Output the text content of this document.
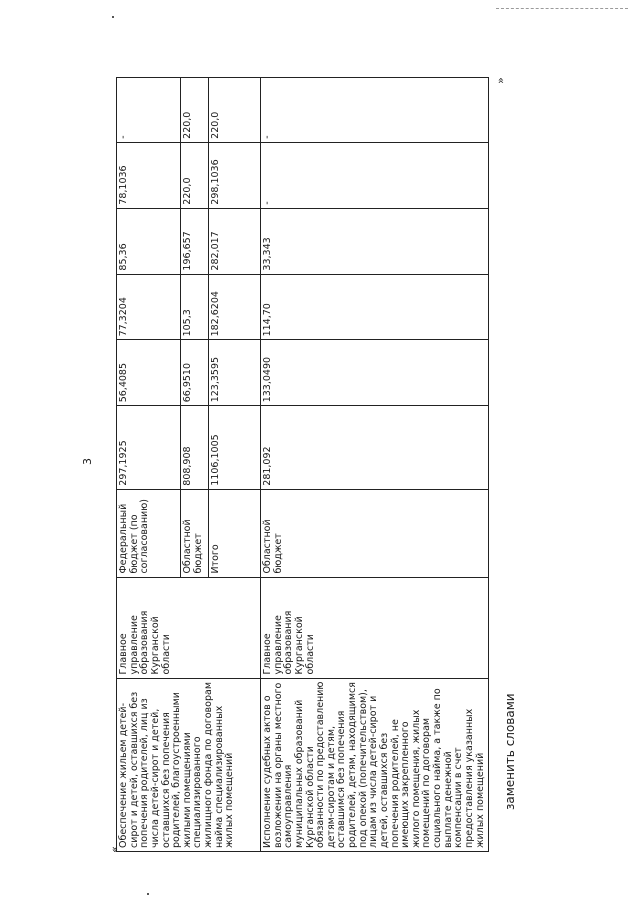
3
«
»
заменить словами
Обеспечение жильем детей-сирот и детей, оставшихся без попечения родителей, лиц из числа детей-сирот и детей, оставшихся без попечения родителей, благоустроенными жилыми помещениями специализированного жилищного фонда по договорам найма специализированных жилых помещений	Главное управление образования Курганской области	Федеральный бюджет (по согласованию)	297,1925	56,4085	77,3204	85,36	78,1036	-
		Областной бюджет	808,908	66,9510	105,3	196,657	220,0	220,0
		Итого	1106,1005	123,3595	182,6204	282,017	298,1036	220,0
Исполнение судебных актов о возложении на органы местного самоуправления муниципальных образований Курганской области обязанности по предоставлению детям-сиротам и детям, оставшимся без попечения родителей, детям, находящимся под опекой (попечительством), лицам из числа детей-сирот и детей, оставшихся без попечения родителей, не имеющих закрепленного жилого помещения, жилых помещений по договорам социального найма, а также по выплате денежной компенсации в счет предоставления указанных жилых помещений	Главное управление образования Курганской области	Областной бюджет	281,092	133,0490	114,70	33,343	-	-
